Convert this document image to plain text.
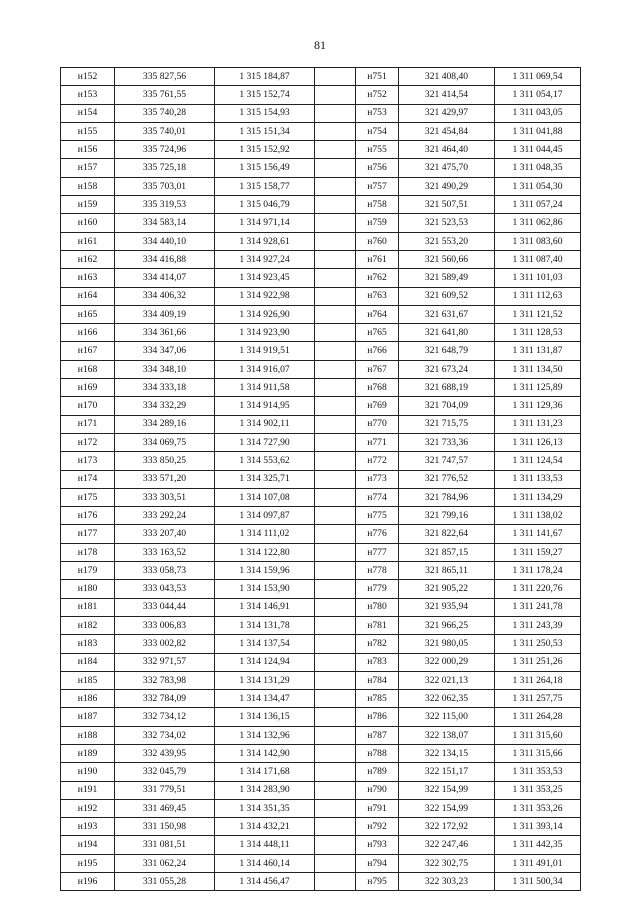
81
н152	335 827,56	1 315 184,87		н751	321 408,40	1 311 069,54
н153	335 761,55	1 315 152,74		н752	321 414,54	1 311 054,17
н154	335 740,28	1 315 154,93		н753	321 429,97	1 311 043,05
н155	335 740,01	1 315 151,34		н754	321 454,84	1 311 041,88
н156	335 724,96	1 315 152,92		н755	321 464,40	1 311 044,45
н157	335 725,18	1 315 156,49		н756	321 475,70	1 311 048,35
н158	335 703,01	1 315 158,77		н757	321 490,29	1 311 054,30
н159	335 319,53	1 315 046,79		н758	321 507,51	1 311 057,24
н160	334 583,14	1 314 971,14		н759	321 523,53	1 311 062,86
н161	334 440,10	1 314 928,61		н760	321 553,20	1 311 083,60
н162	334 416,88	1 314 927,24		н761	321 560,66	1 311 087,40
н163	334 414,07	1 314 923,45		н762	321 589,49	1 311 101,03
н164	334 406,32	1 314 922,98		н763	321 609,52	1 311 112,63
н165	334 409,19	1 314 926,90		н764	321 631,67	1 311 121,52
н166	334 361,66	1 314 923,90		н765	321 641,80	1 311 128,53
н167	334 347,06	1 314 919,51		н766	321 648,79	1 311 131,87
н168	334 348,10	1 314 916,07		н767	321 673,24	1 311 134,50
н169	334 333,18	1 314 911,58		н768	321 688,19	1 311 125,89
н170	334 332,29	1 314 914,95		н769	321 704,09	1 311 129,36
н171	334 289,16	1 314 902,11		н770	321 715,75	1 311 131,23
н172	334 069,75	1 314 727,90		н771	321 733,36	1 311 126,13
н173	333 850,25	1 314 553,62		н772	321 747,57	1 311 124,54
н174	333 571,20	1 314 325,71		н773	321 776,52	1 311 133,53
н175	333 303,51	1 314 107,08		н774	321 784,96	1 311 134,29
н176	333 292,24	1 314 097,87		н775	321 799,16	1 311 138,02
н177	333 207,40	1 314 111,02		н776	321 822,64	1 311 141,67
н178	333 163,52	1 314 122,80		н777	321 857,15	1 311 159,27
н179	333 058,73	1 314 159,96		н778	321 865,11	1 311 178,24
н180	333 043,53	1 314 153,90		н779	321 905,22	1 311 220,76
н181	333 044,44	1 314 146,91		н780	321 935,94	1 311 241,78
н182	333 006,83	1 314 131,78		н781	321 966,25	1 311 243,39
н183	333 002,82	1 314 137,54		н782	321 980,05	1 311 250,53
н184	332 971,57	1 314 124,94		н783	322 000,29	1 311 251,26
н185	332 783,98	1 314 131,29		н784	322 021,13	1 311 264,18
н186	332 784,09	1 314 134,47		н785	322 062,35	1 311 257,75
н187	332 734,12	1 314 136,15		н786	322 115,00	1 311 264,28
н188	332 734,02	1 314 132,96		н787	322 138,07	1 311 315,60
н189	332 439,95	1 314 142,90		н788	322 134,15	1 311 315,66
н190	332 045,79	1 314 171,68		н789	322 151,17	1 311 353,53
н191	331 779,51	1 314 283,90		н790	322 154,99	1 311 353,25
н192	331 469,45	1 314 351,35		н791	322 154,99	1 311 353,26
н193	331 150,98	1 314 432,21		н792	322 172,92	1 311 393,14
н194	331 081,51	1 314 448,11		н793	322 247,46	1 311 442,35
н195	331 062,24	1 314 460,14		н794	322 302,75	1 311 491,01
н196	331 055,28	1 314 456,47		н795	322 303,23	1 311 500,34
